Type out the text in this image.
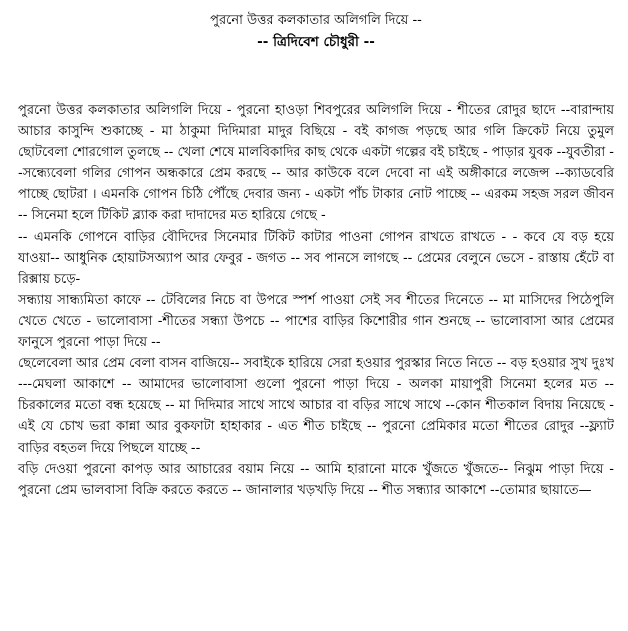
পুরনো উত্তর কলকাতার অলিগলি দিয়ে --
-- ত্রিদিবেশ চৌধুরী --

পুরনো উত্তর কলকাতার অলিগলি দিয়ে - পুরনো হাওড়া শিবপুরের অলিগলি দিয়ে - শীতের রোদুর ছাদে --বারান্দায় আচার কাসুন্দি শুকাচ্ছে - মা ঠাকুমা দিদিমারা মাদুর বিছিয়ে - বই কাগজ পড়ছে আর গলি ক্রিকেট নিয়ে তুমুল ছোটবেলা শোরগোল তুলছে -- খেলা শেষে মালবিকাদির কাছ থেকে একটা গল্পের বই চাইছে - পাড়ার যুবক --যুবতীরা --সন্ধ্যেবেলা গলির গোপন অন্ধকারে প্রেম করছে -- আর কাউকে বলে দেবো না এই অঙ্গীকারে লজেন্স --ক্যাডবেরি পাচ্ছে ছোটরা । এমনকি গোপন চিঠি পৌঁছে দেবার জন্য - একটা পাঁচ টাকার নোট পাচ্ছে -- এরকম সহজ সরল জীবন -- সিনেমা হলে টিকিট ব্ল্যাক করা দাদাদের মত হারিয়ে গেছে -

-- এমনকি গোপনে বাড়ির বৌদিদের সিনেমার টিকিট কাটার পাওনা গোপন রাখতে রাখতে - - কবে যে বড় হয়ে যাওয়া-- আধুনিক হোয়াটসঅ্যাপ আর ফেবুর - জগত -- সব পানসে লাগছে -- প্রেমের বেলুনে ভেসে - রাস্তায় হেঁটে বা রিক্সায় চড়ে-

সন্ধ্যায় সান্ধ্যমিতা কাফে -- টেবিলের নিচে বা উপরে স্পর্শ পাওয়া সেই সব শীতের দিনেতে -- মা মাসিদের পিঠেপুলি খেতে খেতে - ভালোবাসা -শীতের সন্ধ্যা উপচে -- পাশের বাড়ির কিশোরীর গান শুনছে -- ভালোবাসা আর প্রেমের ফানুসে পুরনো পাড়া দিয়ে --

ছেলেবেলা আর প্রেম বেলা বাসন বাজিয়ে-- সবাইকে হারিয়ে সেরা হওয়ার পুরস্কার নিতে নিতে -- বড় হওয়ার সুখ দুঃখ ---মেঘলা আকাশে -- আমাদের ভালোবাসা গুলো পুরনো পাড়া দিয়ে - অলকা মায়াপুরী সিনেমা হলের মত -- চিরকালের মতো বন্ধ হয়েছে -- মা দিদিমার সাথে সাথে আচার বা বড়ির সাথে সাথে --কোন শীতকাল বিদায় নিয়েছে - এই যে চোখ ভরা কান্না আর বুকফাটা হাহাকার - এত শীত চাইছে -- পুরনো প্রেমিকার মতো শীতের রোদুর --ফ্ল্যাট বাড়ির বহতল দিয়ে পিছলে যাচ্ছে --

বড়ি দেওয়া পুরনো কাপড় আর আচারের বয়াম নিয়ে -- আমি হারানো মাকে খুঁজতে খুঁজতে-- নিঝুম পাড়া দিয়ে - পুরনো প্রেম ভালবাসা বিক্রি করতে করতে -- জানালার খড়খড়ি দিয়ে -- শীত সন্ধ্যার আকাশে --তোমার ছায়াতে—
